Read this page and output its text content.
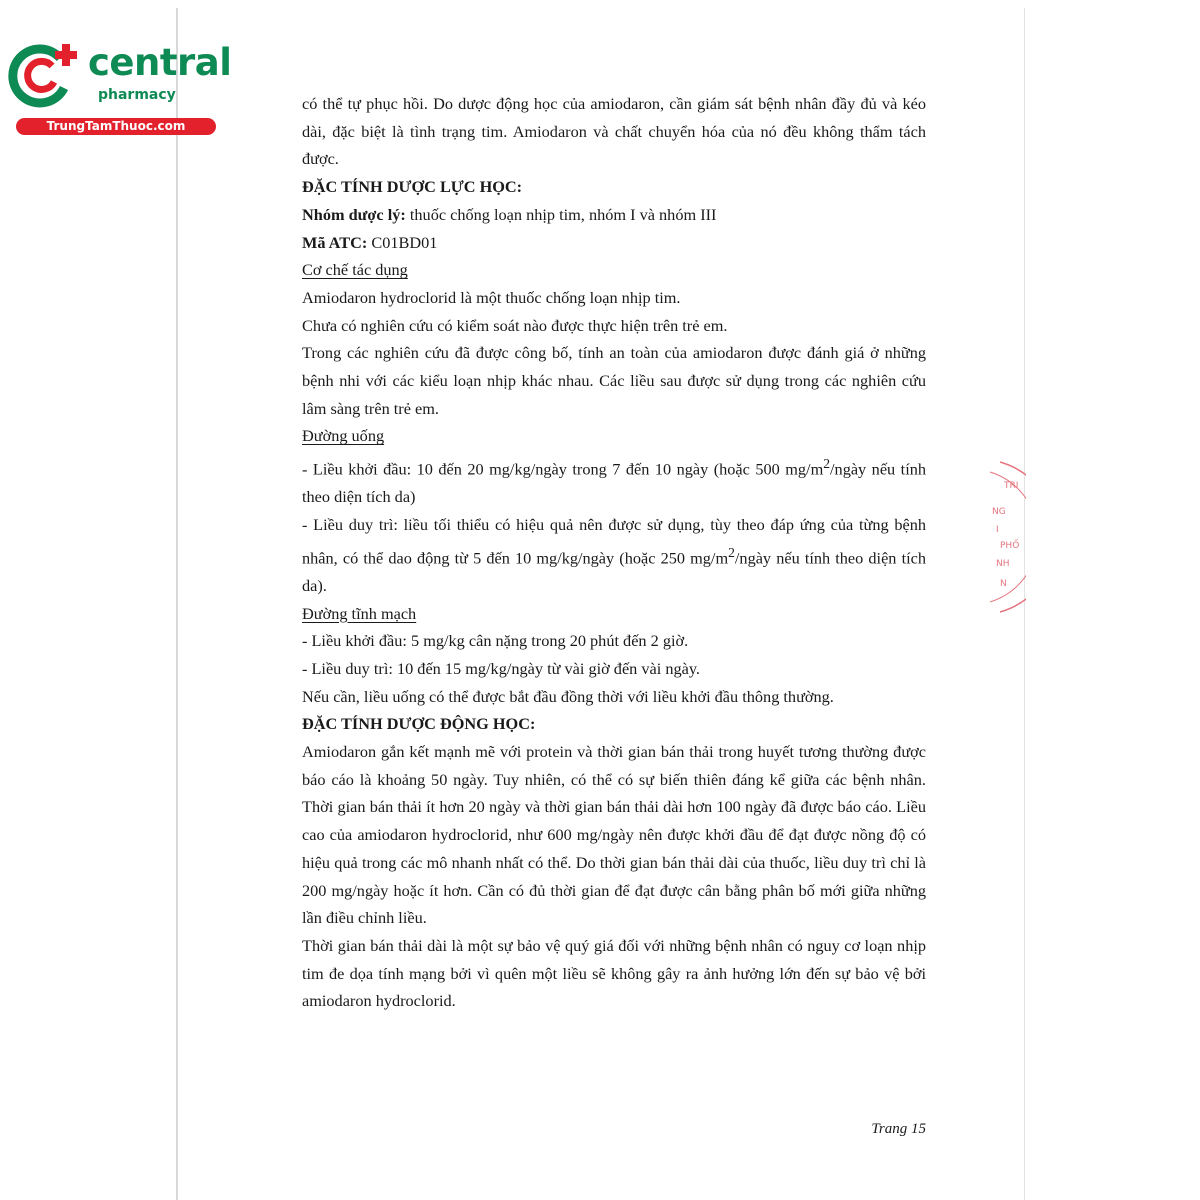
central
pharmacy
TrungTamThuoc.com

có thể tự phục hồi. Do dược động học của amiodaron, cần giám sát bệnh nhân đầy đủ và kéo dài, đặc biệt là tình trạng tim. Amiodaron và chất chuyển hóa của nó đều không thẩm tách được.

ĐẶC TÍNH DƯỢC LỰC HỌC:

Nhóm dược lý: thuốc chống loạn nhịp tim, nhóm I và nhóm III

Mã ATC: C01BD01

Cơ chế tác dụng

Amiodaron hydroclorid là một thuốc chống loạn nhịp tim.

Chưa có nghiên cứu có kiểm soát nào được thực hiện trên trẻ em.

Trong các nghiên cứu đã được công bố, tính an toàn của amiodaron được đánh giá ở những bệnh nhi với các kiểu loạn nhịp khác nhau. Các liều sau được sử dụng trong các nghiên cứu lâm sàng trên trẻ em.

Đường uống

- Liều khởi đầu: 10 đến 20 mg/kg/ngày trong 7 đến 10 ngày (hoặc 500 $mg/m^2$/ngày nếu tính theo diện tích da)

- Liều duy trì: liều tối thiểu có hiệu quả nên được sử dụng, tùy theo đáp ứng của từng bệnh nhân, có thể dao động từ 5 đến 10 mg/kg/ngày (hoặc 250 $mg/m^2$/ngày nếu tính theo diện tích da).

Đường tĩnh mạch

- Liều khởi đầu: 5 mg/kg cân nặng trong 20 phút đến 2 giờ.

- Liều duy trì: 10 đến 15 mg/kg/ngày từ vài giờ đến vài ngày.

Nếu cần, liều uống có thể được bắt đầu đồng thời với liều khởi đầu thông thường.

ĐẶC TÍNH DƯỢC ĐỘNG HỌC:

Amiodaron gắn kết mạnh mẽ với protein và thời gian bán thải trong huyết tương thường được báo cáo là khoảng 50 ngày. Tuy nhiên, có thể có sự biến thiên đáng kể giữa các bệnh nhân. Thời gian bán thải ít hơn 20 ngày và thời gian bán thải dài hơn 100 ngày đã được báo cáo. Liều cao của amiodaron hydroclorid, như 600 mg/ngày nên được khởi đầu để đạt được nồng độ có hiệu quả trong các mô nhanh nhất có thể. Do thời gian bán thải dài của thuốc, liều duy trì chỉ là 200 mg/ngày hoặc ít hơn. Cần có đủ thời gian để đạt được cân bằng phân bố mới giữa những lần điều chỉnh liều.

Thời gian bán thải dài là một sự bảo vệ quý giá đối với những bệnh nhân có nguy cơ loạn nhịp tim đe dọa tính mạng bởi vì quên một liều sẽ không gây ra ảnh hưởng lớn đến sự bảo vệ bởi amiodaron hydroclorid.

TRI
NG
I
PHỐ
NH
N
Trang 15
